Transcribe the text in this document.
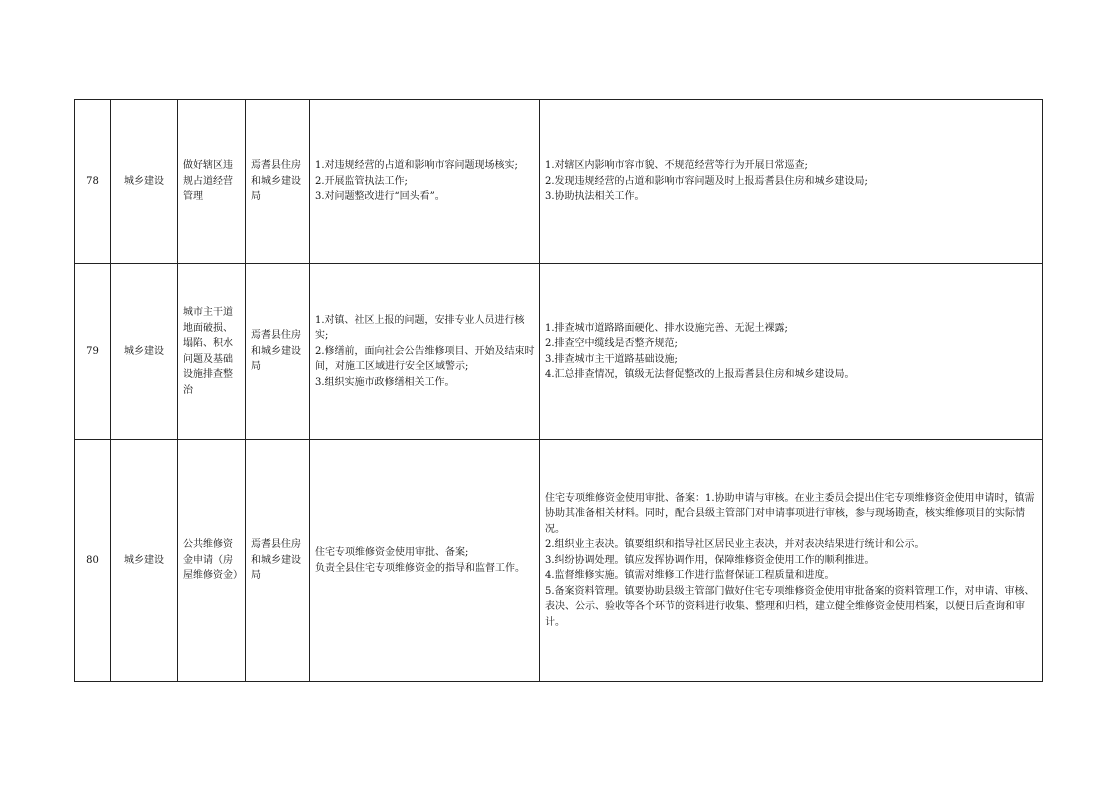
78	城乡建设	做好辖区违规占道经营管理	焉耆县住房和城乡建设局	1.对违规经营的占道和影响市容问题现场核实;
2.开展监管执法工作;
3.对问题整改进行“回头看”。	1.对辖区内影响市容市貌、不规范经营等行为开展日常巡查;
2.发现违规经营的占道和影响市容问题及时上报焉耆县住房和城乡建设局;
3.协助执法相关工作。

79	城乡建设	城市主干道地面破损、塌陷、积水问题及基础设施排查整治	焉耆县住房和城乡建设局	1.对镇、社区上报的问题，安排专业人员进行核实;
2.修缮前，面向社会公告维修项目、开始及结束时间，对施工区域进行安全区域警示;
3.组织实施市政修缮相关工作。	1.排查城市道路路面硬化、排水设施完善、无泥土裸露;
2.排查空中缆线是否整齐规范;
3.排查城市主干道路基础设施;
4.汇总排查情况，镇级无法督促整改的上报焉耆县住房和城乡建设局。

80	城乡建设	公共维修资金申请（房屋维修资金）	焉耆县住房和城乡建设局	住宅专项维修资金使用审批、备案;
负责全县住宅专项维修资金的指导和监督工作。	住宅专项维修资金使用审批、备案：1.协助申请与审核。在业主委员会提出住宅专项维修资金使用申请时，镇需协助其准备相关材料。同时，配合县级主管部门对申请事项进行审核，参与现场勘查，核实维修项目的实际情况。
2.组织业主表决。镇要组织和指导社区居民业主表决，并对表决结果进行统计和公示。
3.纠纷协调处理。镇应发挥协调作用，保障维修资金使用工作的顺利推进。
4.监督维修实施。镇需对维修工作进行监督保证工程质量和进度。
5.备案资料管理。镇要协助县级主管部门做好住宅专项维修资金使用审批备案的资料管理工作，对申请、审核、表决、公示、验收等各个环节的资料进行收集、整理和归档，建立健全维修资金使用档案，以便日后查询和审计。
